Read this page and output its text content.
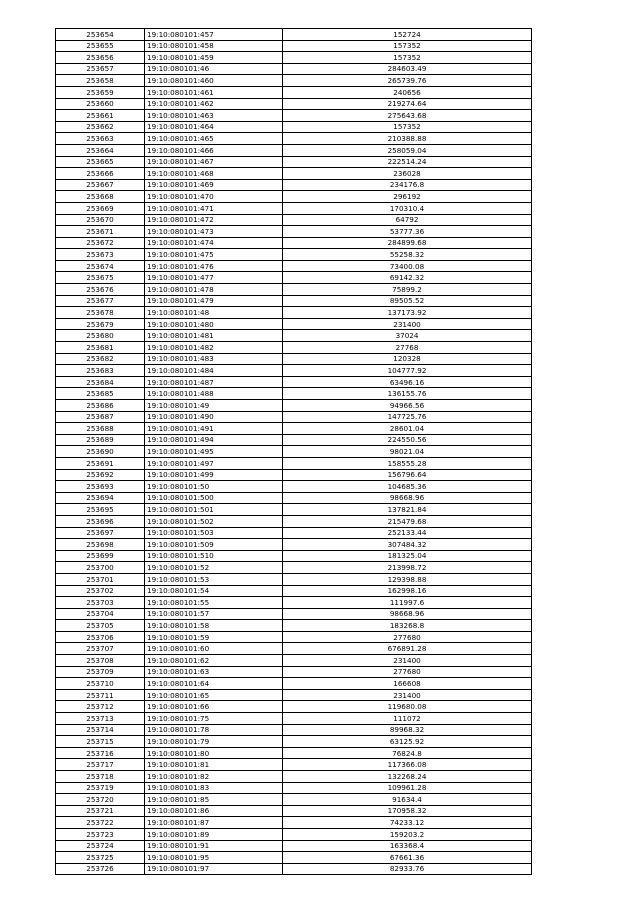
253654	19:10:080101:457	152724
253655	19:10:080101:458	157352
253656	19:10:080101:459	157352
253657	19:10:080101:46	284603.49
253658	19:10:080101:460	265739.76
253659	19:10:080101:461	240656
253660	19:10:080101:462	219274.64
253661	19:10:080101:463	275643.68
253662	19:10:080101:464	157352
253663	19:10:080101:465	210388.88
253664	19:10:080101:466	258059.04
253665	19:10:080101:467	222514.24
253666	19:10:080101:468	236028
253667	19:10:080101:469	234176.8
253668	19:10:080101:470	296192
253669	19:10:080101:471	170310.4
253670	19:10:080101:472	64792
253671	19:10:080101:473	53777.36
253672	19:10:080101:474	284899.68
253673	19:10:080101:475	55258.32
253674	19:10:080101:476	73400.08
253675	19:10:080101:477	69142.32
253676	19:10:080101:478	75899.2
253677	19:10:080101:479	89505.52
253678	19:10:080101:48	137173.92
253679	19:10:080101:480	231400
253680	19:10:080101:481	37024
253681	19:10:080101:482	27768
253682	19:10:080101:483	120328
253683	19:10:080101:484	104777.92
253684	19:10:080101:487	63496.16
253685	19:10:080101:488	136155.76
253686	19:10:080101:49	94966.56
253687	19:10:080101:490	147725.76
253688	19:10:080101:491	28601.04
253689	19:10:080101:494	224550.56
253690	19:10:080101:495	98021.04
253691	19:10:080101:497	158555.28
253692	19:10:080101:499	156796.64
253693	19:10:080101:50	104685.36
253694	19:10:080101:500	98668.96
253695	19:10:080101:501	137821.84
253696	19:10:080101:502	215479.68
253697	19:10:080101:503	252133.44
253698	19:10:080101:509	307484.32
253699	19:10:080101:510	181325.04
253700	19:10:080101:52	213998.72
253701	19:10:080101:53	129398.88
253702	19:10:080101:54	162998.16
253703	19:10:080101:55	111997.6
253704	19:10:080101:57	98668.96
253705	19:10:080101:58	183268.8
253706	19:10:080101:59	277680
253707	19:10:080101:60	676891.28
253708	19:10:080101:62	231400
253709	19:10:080101:63	277680
253710	19:10:080101:64	166608
253711	19:10:080101:65	231400
253712	19:10:080101:66	119680.08
253713	19:10:080101:75	111072
253714	19:10:080101:78	89968.32
253715	19:10:080101:79	63125.92
253716	19:10:080101:80	76824.8
253717	19:10:080101:81	117366.08
253718	19:10:080101:82	132268.24
253719	19:10:080101:83	109961.28
253720	19:10:080101:85	91634.4
253721	19:10:080101:86	170958.32
253722	19:10:080101:87	74233.12
253723	19:10:080101:89	159203.2
253724	19:10:080101:91	163368.4
253725	19:10:080101:95	67661.36
253726	19:10:080101:97	82933.76
